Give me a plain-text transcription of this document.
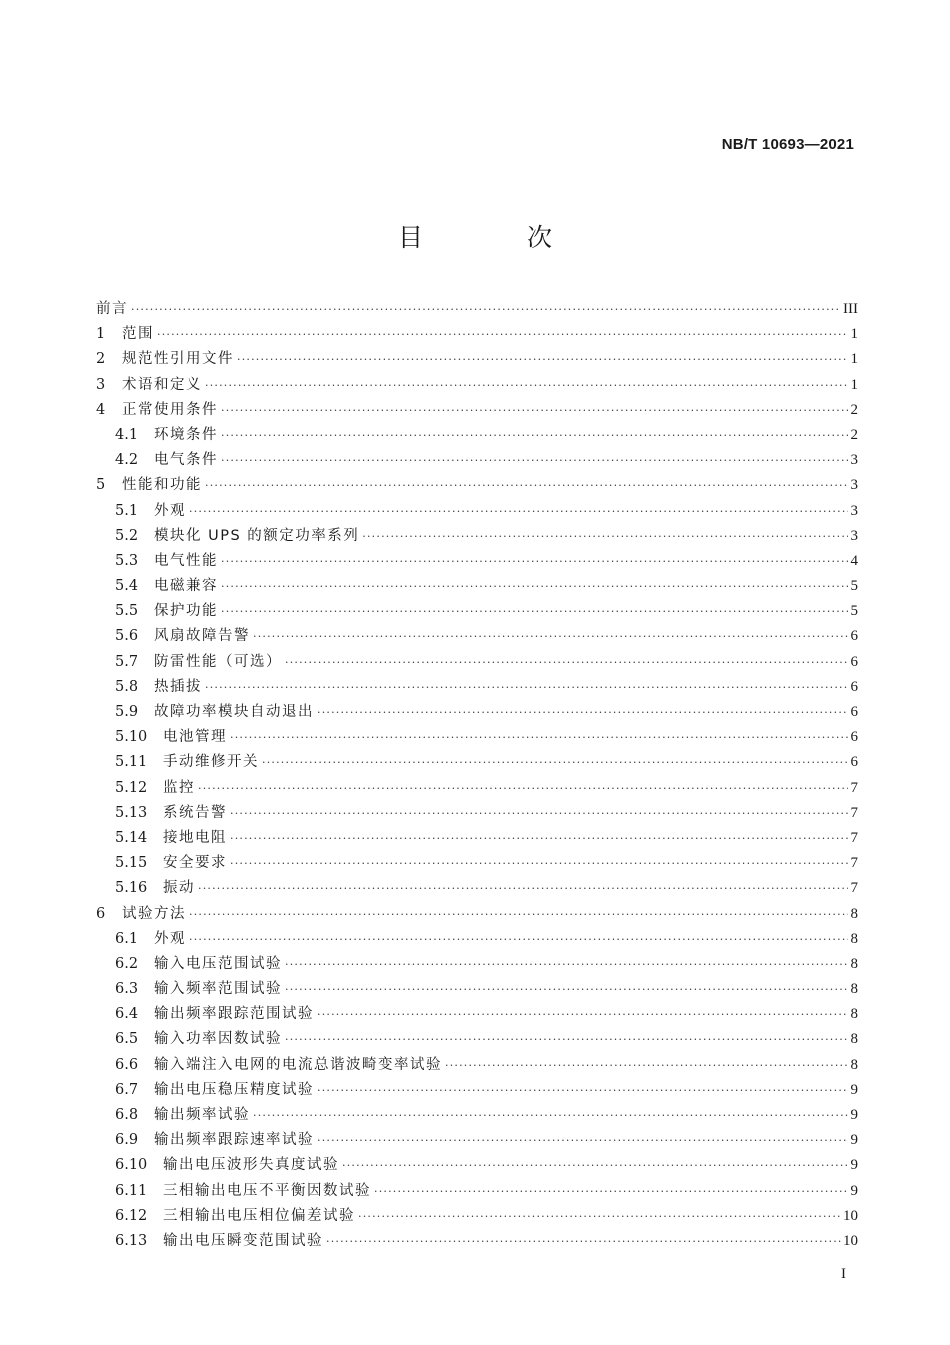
NB/T 10693—2021
目 次
前言 ·····	III
1	范围 ·····	1
2	规范性引用文件 ·····	1
3	术语和定义 ·····	1
4	正常使用条件 ·····	2
4.1	环境条件 ·····	2
4.2	电气条件 ·····	3
5	性能和功能 ·····	3
5.1	外观 ·····	3
5.2	模块化 UPS 的额定功率系列 ·····	3
5.3	电气性能 ·····	4
5.4	电磁兼容 ·····	5
5.5	保护功能 ·····	5
5.6	风扇故障告警 ·····	6
5.7	防雷性能（可选） ·····	6
5.8	热插拔 ·····	6
5.9	故障功率模块自动退出 ·····	6
5.10	电池管理 ·····	6
5.11	手动维修开关 ·····	6
5.12	监控 ·····	7
5.13	系统告警 ·····	7
5.14	接地电阻 ·····	7
5.15	安全要求 ·····	7
5.16	振动 ·····	7
6	试验方法 ·····	8
6.1	外观 ·····	8
6.2	输入电压范围试验 ·····	8
6.3	输入频率范围试验 ·····	8
6.4	输出频率跟踪范围试验 ·····	8
6.5	输入功率因数试验 ·····	8
6.6	输入端注入电网的电流总谐波畸变率试验 ·····	8
6.7	输出电压稳压精度试验 ·····	9
6.8	输出频率试验 ·····	9
6.9	输出频率跟踪速率试验 ·····	9
6.10	输出电压波形失真度试验 ·····	9
6.11	三相输出电压不平衡因数试验 ·····	9
6.12	三相输出电压相位偏差试验 ·····	10
6.13	输出电压瞬变范围试验 ·····	10
I
